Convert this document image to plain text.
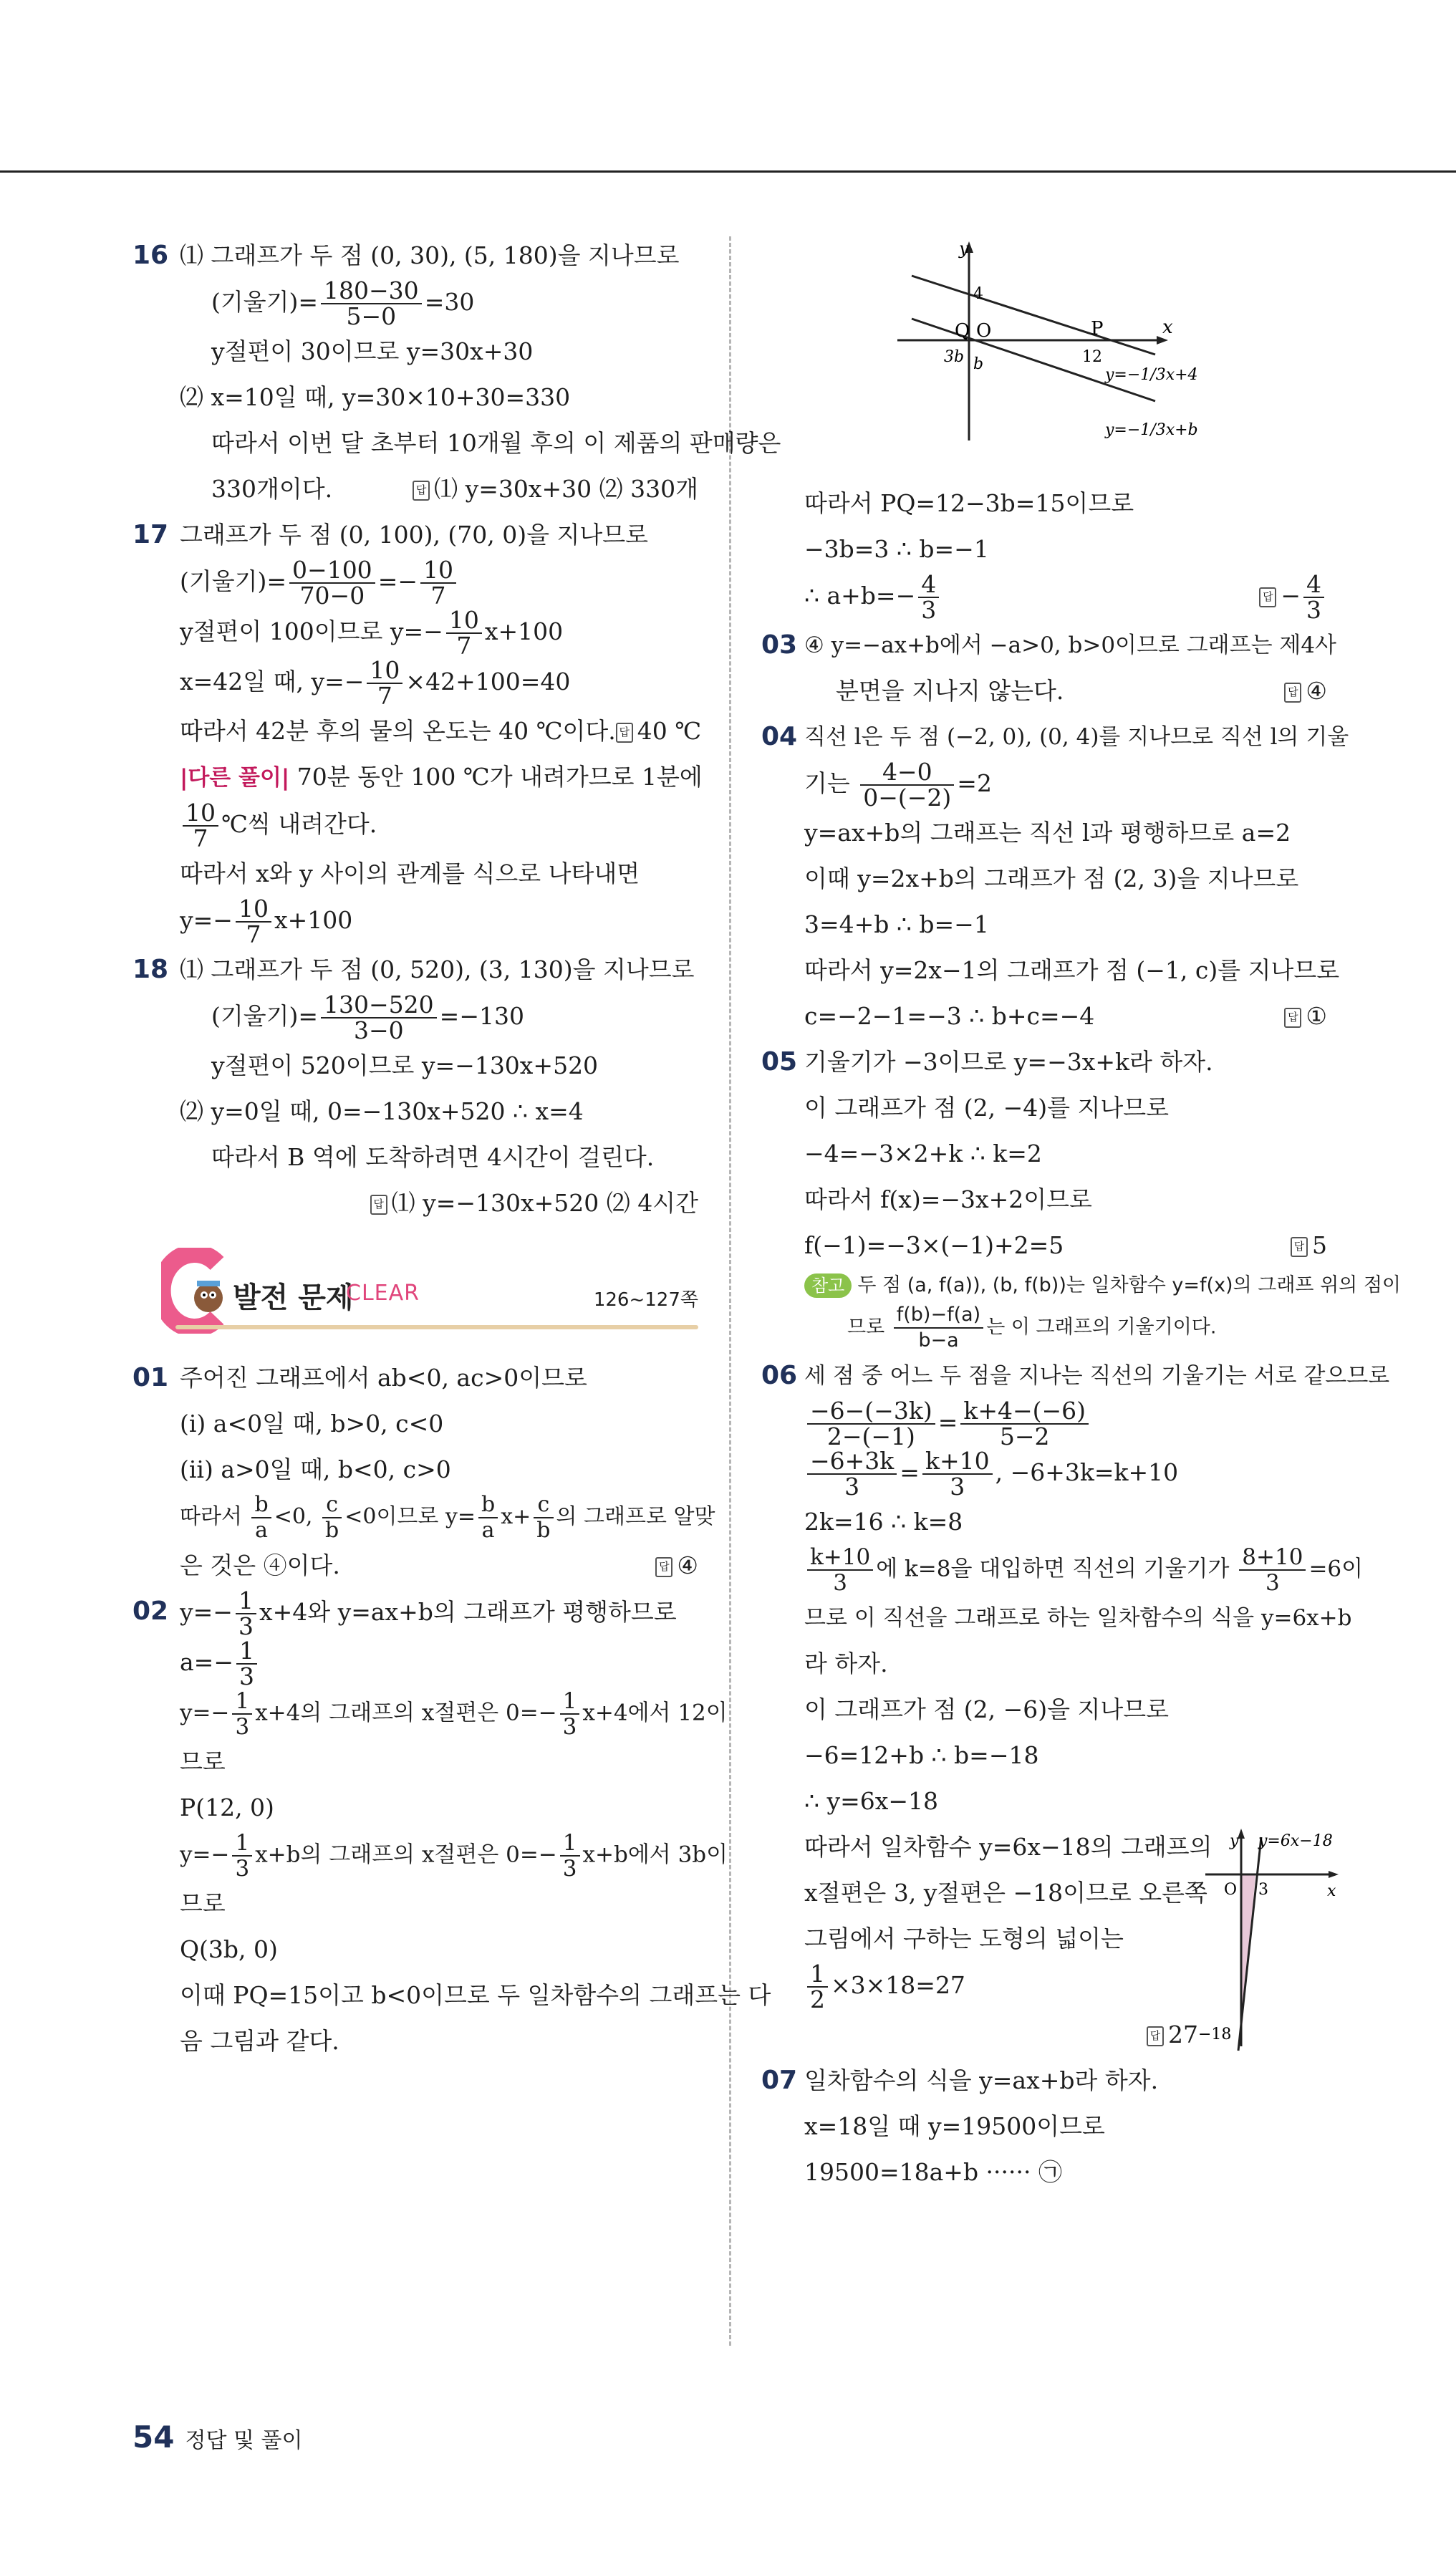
16 ⑴ 그래프가 두 점 (0, 30), (5, 180)을 지나므로
(기울기)= $\frac{180-30}{5-0} =30$
y절편이 30이므로 y=30x+30
⑵ x=10일 때, y=30×10+30=330
따라서 이번 달 초부터 10개월 후의 이 제품의 판매량은
330개이다.	답 ⑴ y=30x+30 ⑵ 330개
17 그래프가 두 점 (0, 100), (70, 0)을 지나므로
(기울기)= $\frac{0-100}{70-0} =- \frac{10}{7}$
y절편이 100이므로 $y=- \frac{10}{7} x+100$
x=42일 때, $y=- \frac{10}{7} \times 42+100=40$
따라서 42분 후의 물의 온도는 40 ℃이다. 답 40 ℃
|다른 풀이| 70분 동안 100 ℃가 내려가므로 1분에
$\frac{10}{7}$ ℃씩 내려간다.
따라서 x와 y 사이의 관계를 식으로 나타내면
$y=- \frac{10}{7} x+100$
18 ⑴ 그래프가 두 점 (0, 520), (3, 130)을 지나므로
(기울기)= $\frac{130-520}{3-0} =-130$
y절편이 520이므로 y=−130x+520
⑵ y=0일 때, 0=−130x+520 ∴ x=4
따라서 B 역에 도착하려면 4시간이 걸린다.
답 ⑴ y=−130x+520 ⑵ 4시간
발전 문제
CLEAR	126~127쪽
01 주어진 그래프에서 ab<0, ac>0이므로
(ⅰ) a<0일 때, b>0, c<0
(ⅱ) a>0일 때, b<0, c>0
따라서 $\frac{b}{a} <0$, $\frac{c}{b} <0$이므로 $y= \frac{b}{a} x+ \frac{c}{b}$ 의 그래프로 알맞
은 것은 ④이다.	답 ④
02 $y=- \frac{1}{3} x+4$와 y=ax+b의 그래프가 평행하므로
$a=- \frac{1}{3}$
$y=- \frac{1}{3} x+4$의 그래프의 x절편은 $0=- \frac{1}{3} x+4$에서 12이
므로
P(12, 0)
$y=- \frac{1}{3} x+b$의 그래프의 x절편은 $0=- \frac{1}{3} x+b$에서 3b이
므로
Q(3b, 0)
이때 PQ=15이고 b<0이므로 두 일차함수의 그래프는 다
음 그림과 같다.
y
x
O	P
Q
4
12
3b b
y=−1/3x+4
y=−1/3x+b
따라서 PQ=12−3b=15이므로
−3b=3 ∴ b=−1
∴ $a+b=- \frac{4}{3}$	답 − $\frac{4}{3}$
03 ④ y=−ax+b에서 −a>0, b>0이므로 그래프는 제4사
분면을 지나지 않는다.	답 ④
04 직선 l은 두 점 (−2, 0), (0, 4)를 지나므로 직선 l의 기울
기는 $\frac{4-0}{0-(-2)} =2$
y=ax+b의 그래프는 직선 l과 평행하므로 a=2
이때 y=2x+b의 그래프가 점 (2, 3)을 지나므로
3=4+b ∴ b=−1
따라서 y=2x−1의 그래프가 점 (−1, c)를 지나므로
c=−2−1=−3 ∴ b+c=−4	답 ①
05 기울기가 −3이므로 y=−3x+k라 하자.
이 그래프가 점 (2, −4)를 지나므로
−4=−3×2+k ∴ k=2
따라서 f(x)=−3x+2이므로
f(−1)=−3×(−1)+2=5	답 5
참고 두 점 (a, f(a)), (b, f(b))는 일차함수 y=f(x)의 그래프 위의 점이
므로 $\frac{f(b)-f(a)}{b-a}$ 는 이 그래프의 기울기이다.
06 세 점 중 어느 두 점을 지나는 직선의 기울기는 서로 같으므로
$\frac{-6-(-3k)}{2-(-1)} = \frac{k+4-(-6)}{5-2}$
$\frac{-6+3k}{3} = \frac{k+10}{3}$ , −6+3k=k+10
2k=16 ∴ k=8
$\frac{k+10}{3}$ 에 k=8을 대입하면 직선의 기울기가 $\frac{8+10}{3} =6$이
므로 이 직선을 그래프로 하는 일차함수의 식을 y=6x+b
라 하자.
이 그래프가 점 (2, −6)을 지나므로
−6=12+b ∴ b=−18
∴ y=6x−18
따라서 일차함수 y=6x−18의 그래프의
x절편은 3, y절편은 −18이므로 오른쪽
그림에서 구하는 도형의 넓이는
$\frac{1}{2} \times 3\times 18=27$
답 27
y
x
O 3
−18
y=6x−18
07 일차함수의 식을 y=ax+b라 하자.
x=18일 때 y=19500이므로
19500=18a+b ······ ㉠
54 정답 및 풀이
